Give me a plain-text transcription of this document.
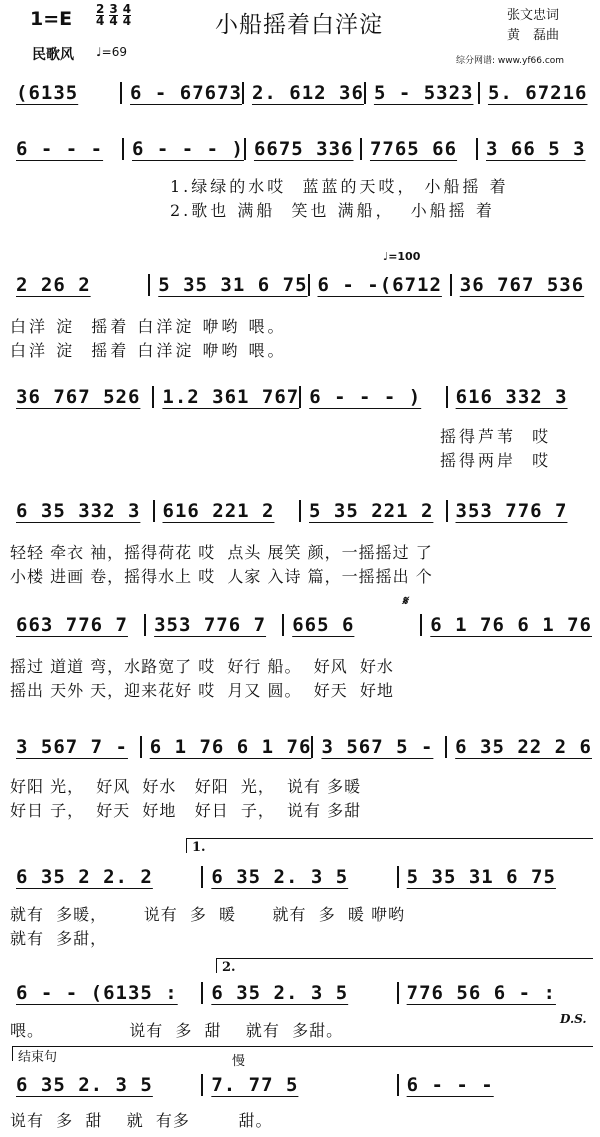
$1=E \frac{2}{4} \frac{3}{4} \frac{4}{4}$	小船摇着白洋淀	张文忠词
黄　磊曲
民歌风 ♩=69
综分网谱: www.yf66.com
(6135	6 - 67673 2. 612 36 5 - 5323 5. 67216
6 - - - 6 - - - ) 6675 336 7765 66 3 66 5 3
1.绿绿的水哎  蓝蓝的天哎， 小船摇 着
2.歌也 满船  笑也 满船，  小船摇 着
♩=100
2 26 2	5 35 31 6 75 6 - -(6712 36 767 536
白洋 淀  摇着 白洋淀 咿哟 喂。
白洋 淀  摇着 白洋淀 咿哟 喂。
36 767 526 1.2 361 767 6 - - - ) 616 332 3
摇得芦苇  哎
摇得两岸  哎
6 35 332 3 616 221 2 5 35 221 2 353 776 7
轻轻 牵衣 袖，摇得荷花 哎  点头 展笑 颜，一摇摇过 了
小楼 进画 卷，摇得水上 哎  人家 入诗 篇，一摇摇出 个
𝄋
663 776 7 353 776 7 665 6	6 1 76 6 1 76
摇过 道道 弯，水路宽了 哎  好行 船。  好风  好水
摇出 天外 天，迎来花好 哎  月又 圆。  好天  好地
3 567 7 - 6 1 76 6 1 76 3 567 5 - 6 35 22 2 6
好阳 光，  好风  好水   好阳  光，  说有 多暖
好日 子，  好天  好地   好日  子，  说有 多甜
1.
6 35 2 2. 2	6 35 2. 3 5	5 35 31 6 75
就有  多暖，      说有  多  暖      就有  多  暖 咿哟
就有  多甜，
2.
6 - - (6135 : 6 35 2. 3 5	776 56 6 - :
喂。              说有  多  甜    就有  多甜。
D.S.
结束句	慢
6 35 2. 3 5	7. 77 5	6 - - -
说有  多  甜    就  有多        甜。
